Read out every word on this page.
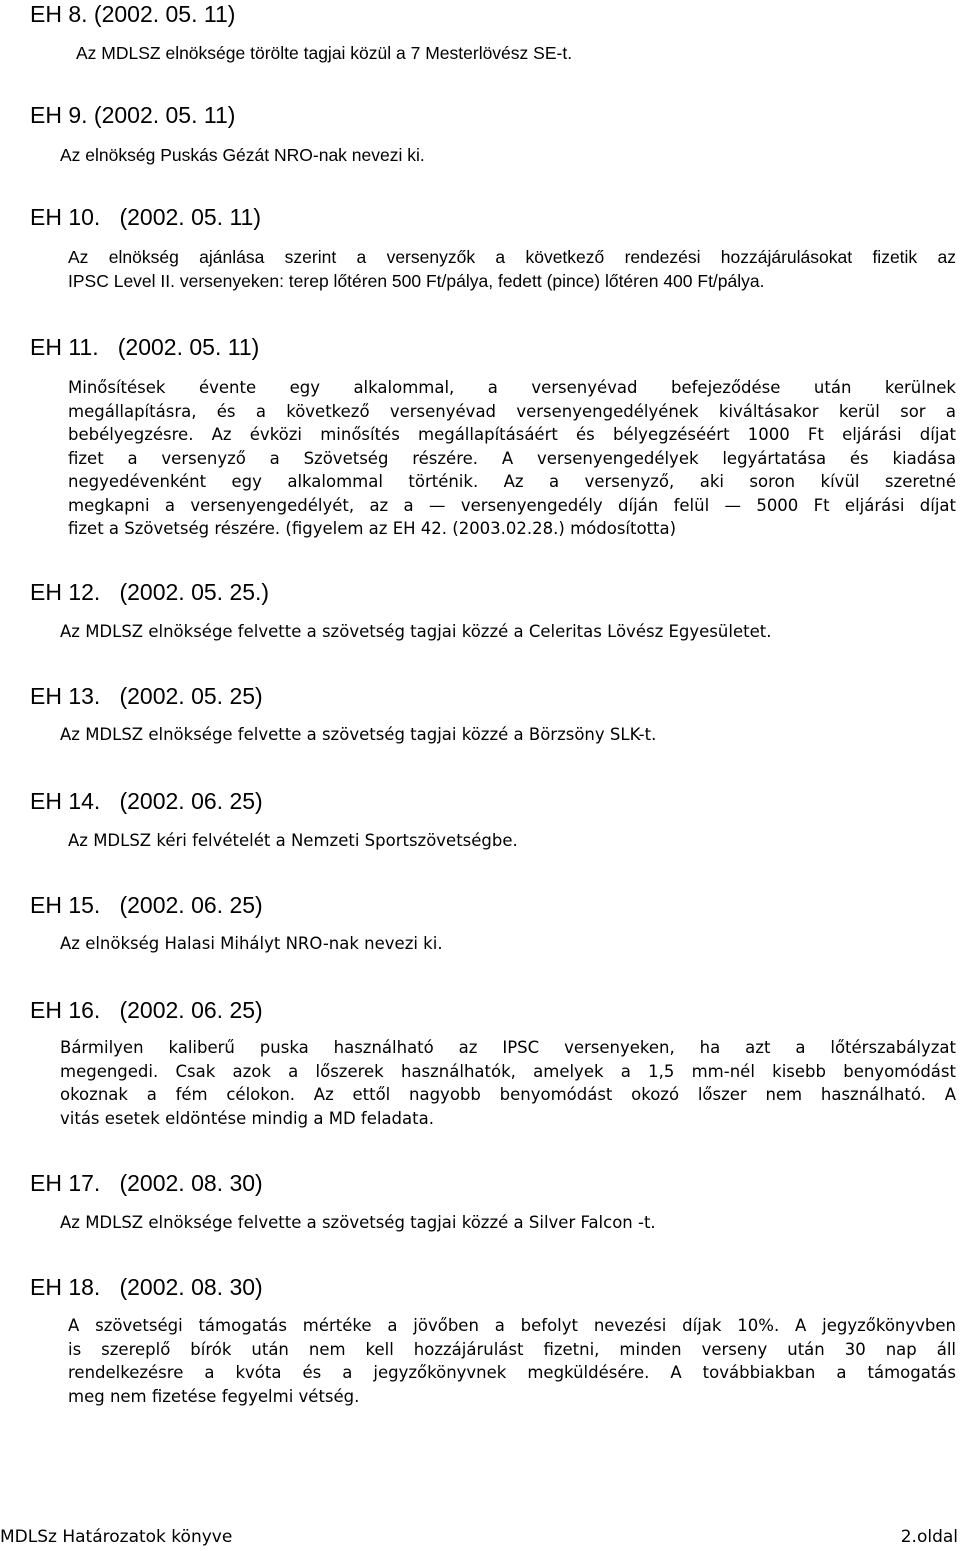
EH 8. (2002. 05. 11)
Az MDLSZ elnöksége törölte tagjai közül a 7 Mesterlövész SE-t.
EH 9. (2002. 05. 11)
Az elnökség Puskás Gézát NRO-nak nevezi ki.
EH 10.   (2002. 05. 11)
Az elnökség ajánlása szerint a versenyzők a következő rendezési hozzájárulásokat fizetik az
IPSC Level II. versenyeken: terep lőtéren 500 Ft/pálya, fedett (pince) lőtéren 400 Ft/pálya.
EH 11.   (2002. 05. 11)
Minősítések évente egy alkalommal, a versenyévad befejeződése után kerülnek
megállapításra, és a következő versenyévad versenyengedélyének kiváltásakor kerül sor a
bebélyegzésre. Az évközi minősítés megállapításáért és bélyegzéséért 1000 Ft eljárási díjat
fizet a versenyző a Szövetség részére. A versenyengedélyek legyártatása és kiadása
negyedévenként egy alkalommal történik. Az a versenyző, aki soron kívül szeretné
megkapni a versenyengedélyét, az a — versenyengedély díján felül — 5000 Ft eljárási díjat
fizet a Szövetség részére. (figyelem az EH 42. (2003.02.28.) módosította)
EH 12.   (2002. 05. 25.)
Az MDLSZ elnöksége felvette a szövetség tagjai közzé a Celeritas Lövész Egyesületet.
EH 13.   (2002. 05. 25)
Az MDLSZ elnöksége felvette a szövetség tagjai közzé a Börzsöny SLK-t.
EH 14.   (2002. 06. 25)
Az MDLSZ kéri felvételét a Nemzeti Sportszövetségbe.
EH 15.   (2002. 06. 25)
Az elnökség Halasi Mihályt NRO-nak nevezi ki.
EH 16.   (2002. 06. 25)
Bármilyen kaliberű puska használható az IPSC versenyeken, ha azt a lőtérszabályzat
megengedi. Csak azok a lőszerek használhatók, amelyek a 1,5 mm-nél kisebb benyomódást
okoznak a fém célokon. Az ettől nagyobb benyomódást okozó lőszer nem használható. A
vitás esetek eldöntése mindig a MD feladata.
EH 17.   (2002. 08. 30)
Az MDLSZ elnöksége felvette a szövetség tagjai közzé a Silver Falcon -t.
EH 18.   (2002. 08. 30)
A szövetségi támogatás mértéke a jövőben a befolyt nevezési díjak 10%. A jegyzőkönyvben
is szereplő bírók után nem kell hozzájárulást fizetni, minden verseny után 30 nap áll
rendelkezésre a kvóta és a jegyzőkönyvnek megküldésére. A továbbiakban a támogatás
meg nem fizetése fegyelmi vétség.
MDLSz Határozatok könyve	2.oldal
